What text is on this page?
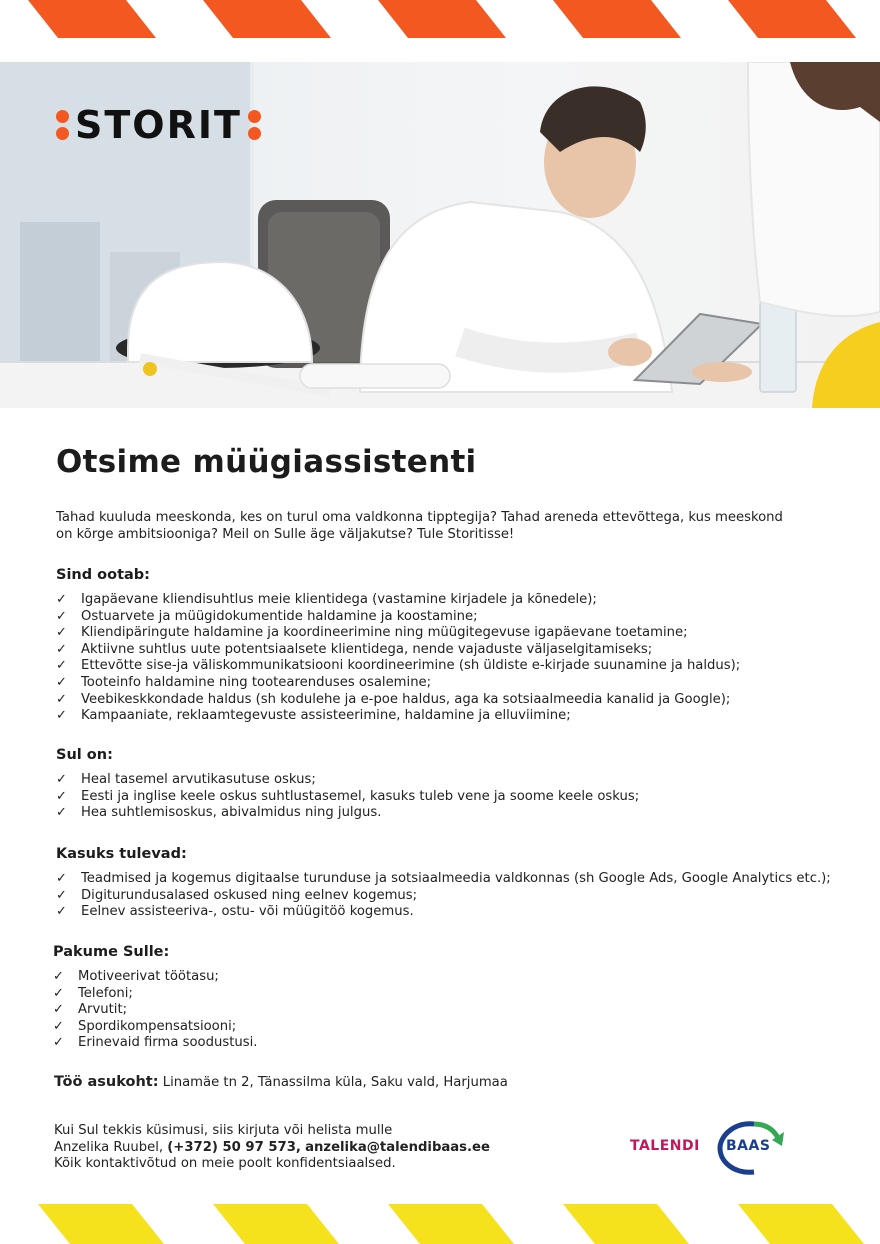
STORIT
Otsime müügiassistenti

Tahad kuuluda meeskonda, kes on turul oma valdkonna tipptegija? Tahad areneda ettevõttega, kus meeskond on kõrge ambitsiooniga? Meil on Sulle äge väljakutse? Tule Storitisse!

Sind ootab:
✓	Igapäevane kliendisuhtlus meie klientidega (vastamine kirjadele ja kõnedele);
✓	Ostuarvete ja müügidokumentide haldamine ja koostamine;
✓	Kliendipäringute haldamine ja koordineerimine ning müügitegevuse igapäevane toetamine;
✓	Aktiivne suhtlus uute potentsiaalsete klientidega, nende vajaduste väljaselgitamiseks;
✓	Ettevõtte sise-ja väliskommunikatsiooni koordineerimine (sh üldiste e-kirjade suunamine ja haldus);
✓	Tooteinfo haldamine ning tootearenduses osalemine;
✓	Veebikeskkondade haldus (sh kodulehe ja e-poe haldus, aga ka sotsiaalmeedia kanalid ja Google);
✓	Kampaaniate, reklaamtegevuste assisteerimine, haldamine ja elluviimine;
Sul on:
✓	Heal tasemel arvutikasutuse oskus;
✓	Eesti ja inglise keele oskus suhtlustasemel, kasuks tuleb vene ja soome keele oskus;
✓	Hea suhtlemisoskus, abivalmidus ning julgus.
Kasuks tulevad:
✓	Teadmised ja kogemus digitaalse turunduse ja sotsiaalmeedia valdkonnas (sh Google Ads, Google Analytics etc.);
✓	Digiturundusalased oskused ning eelnev kogemus;
✓	Eelnev assisteeriva-, ostu- või müügitöö kogemus.
Pakume Sulle:
✓	Motiveerivat töötasu;
✓	Telefoni;
✓	Arvutit;
✓	Spordikompensatsiooni;
✓	Erinevaid firma soodustusi.
Töö asukoht: Linamäe tn 2, Tänassilma küla, Saku vald, Harjumaa
Kui Sul tekkis küsimusi, siis kirjuta või helista mulle
Anzelika Ruubel, (+372) 50 97 573, anzelika@talendibaas.ee
Kõik kontaktivõtud on meie poolt konfidentsiaalsed.
TALENDI BAAS
